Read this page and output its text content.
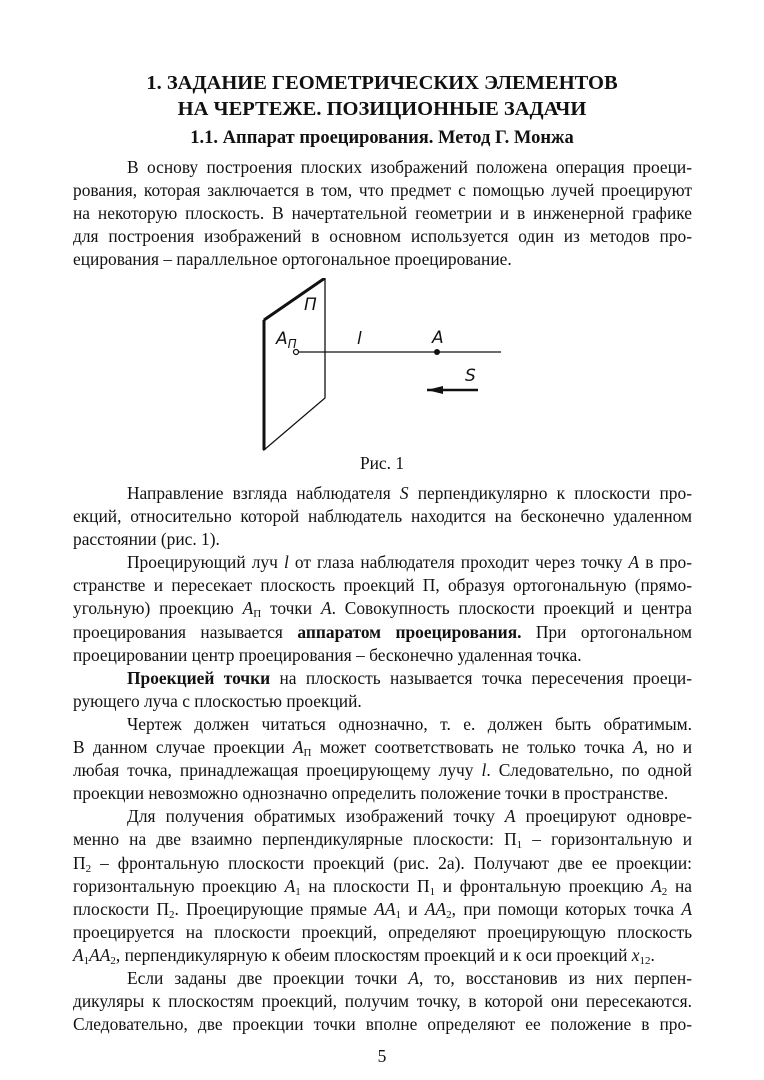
1. ЗАДАНИЕ ГЕОМЕТРИЧЕСКИХ ЭЛЕМЕНТОВ
НА ЧЕРТЕЖЕ. ПОЗИЦИОННЫЕ ЗАДАЧИ
1.1. Аппарат проецирования. Метод Г. Монжа
В основу построения плоских изображений положена операция проеци-
рования, которая заключается в том, что предмет с помощью лучей проецируют
на некоторую плоскость. В начертательной геометрии и в инженерной графике
для построения изображений в основном используется один из методов про-
ецирования – параллельное ортогональное проецирование.
П
$A_П$	l	A
S
Рис. 1
Направление взгляда наблюдателя S перпендикулярно к плоскости про-
екций, относительно которой наблюдатель находится на бесконечно удаленном
расстоянии (рис. 1).
Проецирующий луч l от глаза наблюдателя проходит через точку A в про-
странстве и пересекает плоскость проекций П, образуя ортогональную (прямо-
угольную) проекцию $A_П$ точки A. Совокупность плоскости проекций и центра
проецирования называется аппаратом проецирования. При ортогональном
проецировании центр проецирования – бесконечно удаленная точка.
Проекцией точки на плоскость называется точка пересечения проеци-
рующего луча с плоскостью проекций.
Чертеж должен читаться однозначно, т. е. должен быть обратимым.
В данном случае проекции $A_П$ может соответствовать не только точка A, но и
любая точка, принадлежащая проецирующему лучу l. Следовательно, по одной
проекции невозможно однозначно определить положение точки в пространстве.
Для получения обратимых изображений точку A проецируют одновре-
менно на две взаимно перпендикулярные плоскости: $П_1$ – горизонтальную и
$П_2$ – фронтальную плоскости проекций (рис. 2а). Получают две ее проекции:
горизонтальную проекцию $A_1$ на плоскости $П_1$ и фронтальную проекцию $A_2$ на
плоскости $П_2$. Проецирующие прямые $AA_1$ и $AA_2$, при помощи которых точка A
проецируется на плоскости проекций, определяют проецирующую плоскость
$A_1AA_2$, перпендикулярную к обеим плоскостям проекций и к оси проекций $x_{12}$.
Если заданы две проекции точки A, то, восстановив из них перпен-
дикуляры к плоскостям проекций, получим точку, в которой они пересекаются.
Следовательно, две проекции точки вполне определяют ее положение в про-
5
